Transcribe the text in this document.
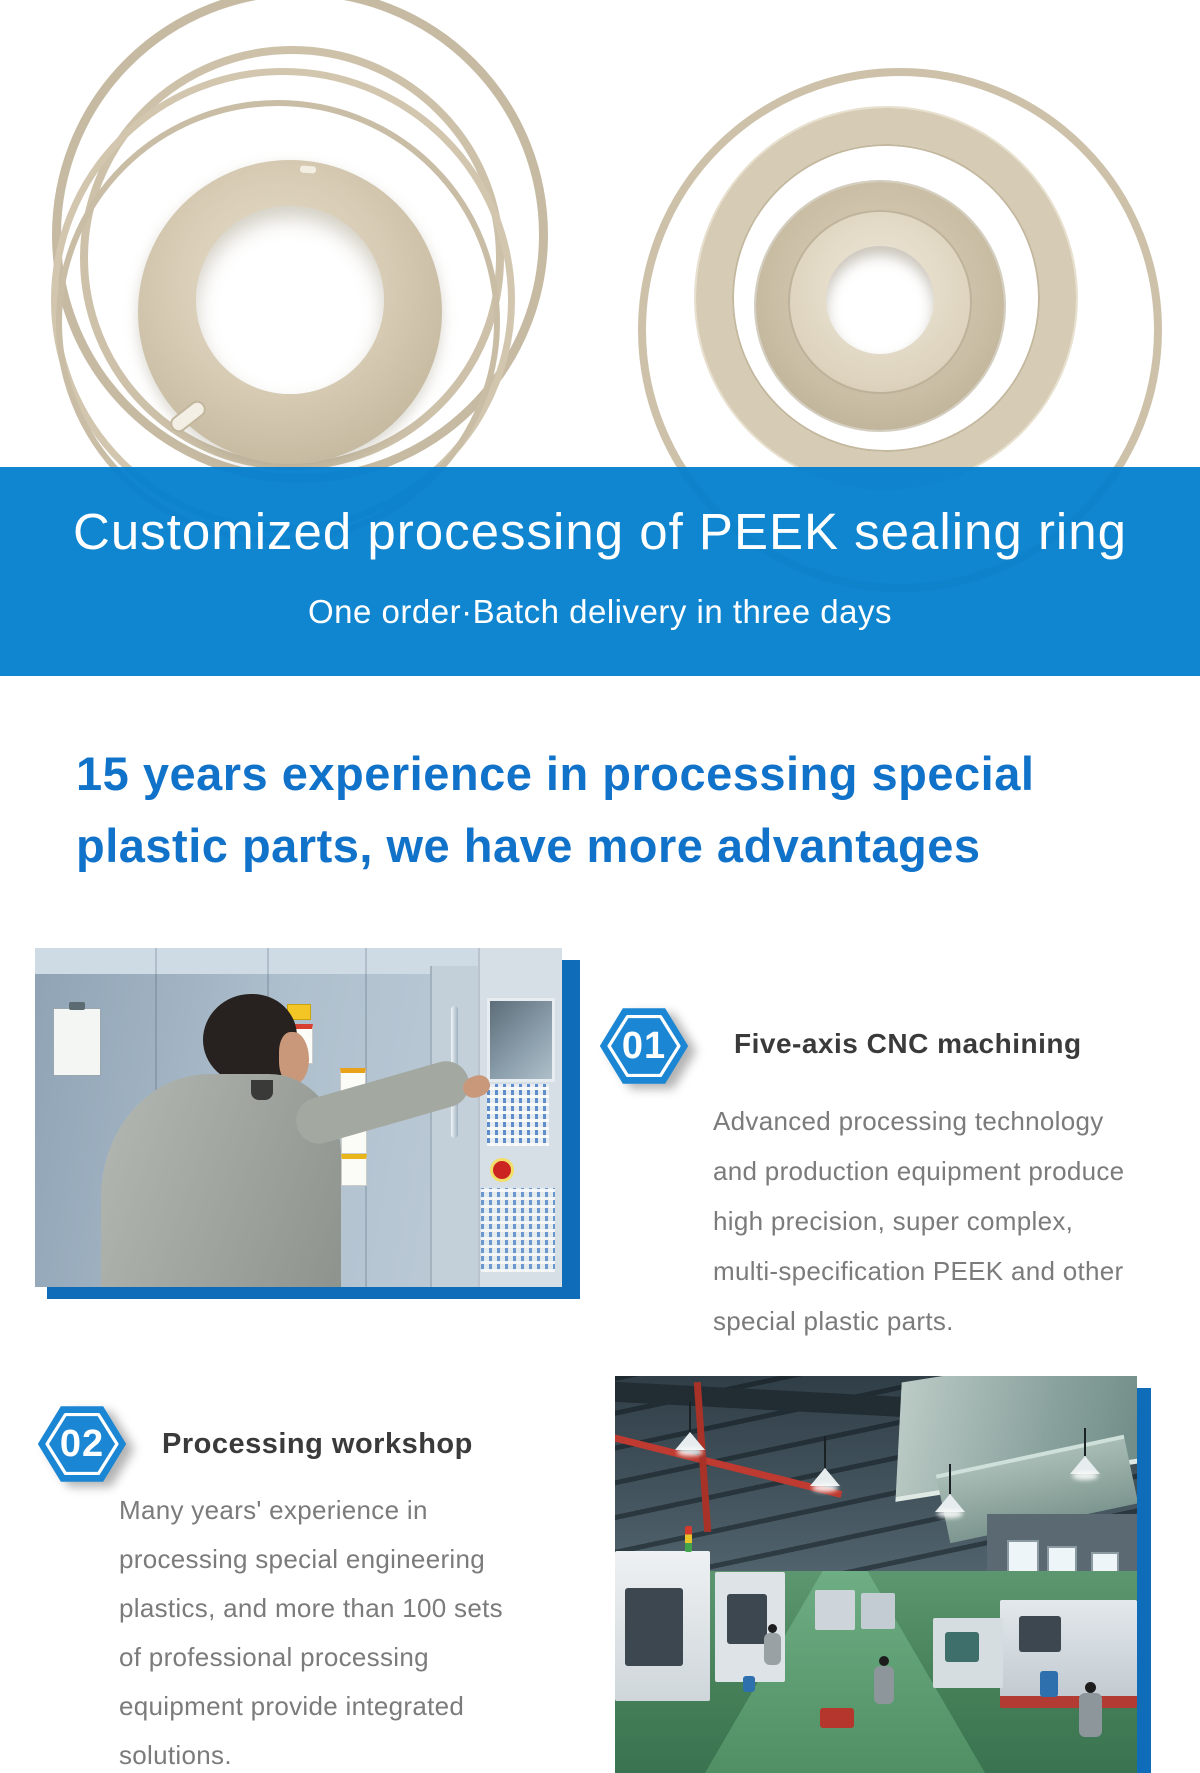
Customized processing of PEEK sealing ring
One order·Batch delivery in three days
15 years experience in processing special
plastic parts, we have more advantages
01	Five-axis CNC machining
Advanced processing technology
and production equipment produce
high precision, super complex,
multi-specification PEEK and other
special plastic parts.
02	Processing workshop
Many years' experience in
processing special engineering
plastics, and more than 100 sets
of professional processing
equipment provide integrated
solutions.
